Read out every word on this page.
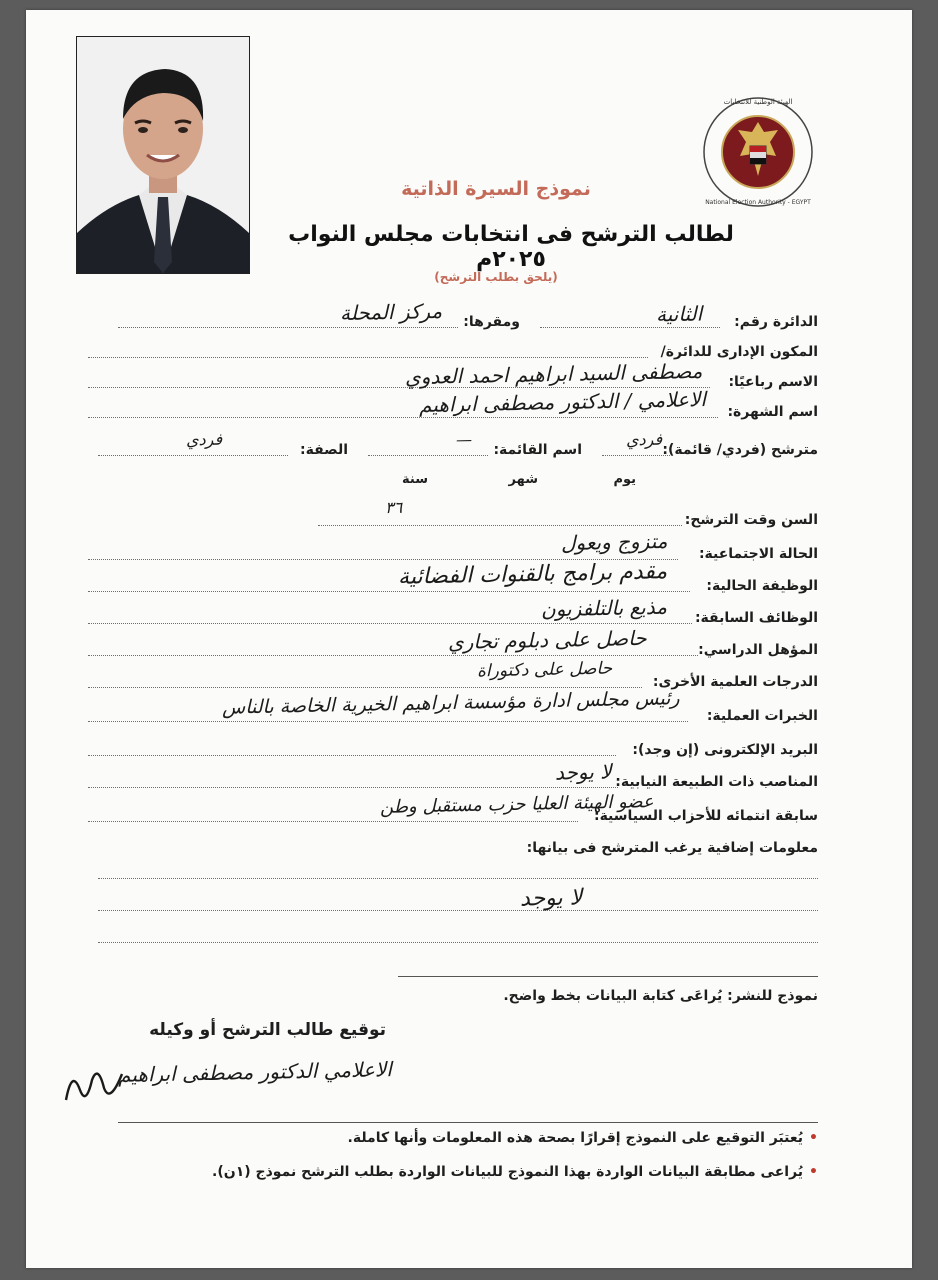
الهيئة الوطنية للانتخابات
National Election Authority - EGYPT
نموذج السيرة الذاتية
لطالب الترشح فى انتخابات مجلس النواب ٢٠٢٥م
(يلحق بطلب الترشح)
الدائرة رقم:
ومقرها:	الثانية
مركز المحلة
المكون الإدارى للدائرة/
الاسم رباعيًا:
مصطفى السيد ابراهيم احمد العدوي
اسم الشهرة:
الاعلامي / الدكتور مصطفى ابراهيم
مترشح (فردي/ قائمة):
اسم القائمة:
الصفة:
فردي
—
فردي
يوم
شهر
سنة
السن وقت الترشح:
٣٦
الحالة الاجتماعية:
متزوج ويعول
الوظيفة الحالية:
مقدم برامج بالقنوات الفضائية
الوظائف السابقة:
مذيع بالتلفزيون
المؤهل الدراسي:
حاصل على دبلوم تجاري
الدرجات العلمية الأخرى:
حاصل على دكتوراة
الخبرات العملية:
رئيس مجلس ادارة مؤسسة ابراهيم الخيرية الخاصة بالناس
البريد الإلكترونى (إن وجد):
المناصب ذات الطبيعة النيابية:
لا يوجد
سابقة انتمائه للأحزاب السياسية:
عضو الهيئة العليا حزب مستقبل وطن
معلومات إضافية يرغب المترشح فى بيانها:
لا يوجد
نموذج للنشر: يُراعَى كتابة البيانات بخط واضح.
توقيع طالب الترشح أو وكيله
الاعلامي الدكتور مصطفى ابراهيم
•يُعتبَر التوقيع على النموذج إقرارًا بصحة هذه المعلومات وأنها كاملة.
•يُراعى مطابقة البيانات الواردة بهذا النموذج للبيانات الواردة بطلب الترشح نموذج (١ن).
